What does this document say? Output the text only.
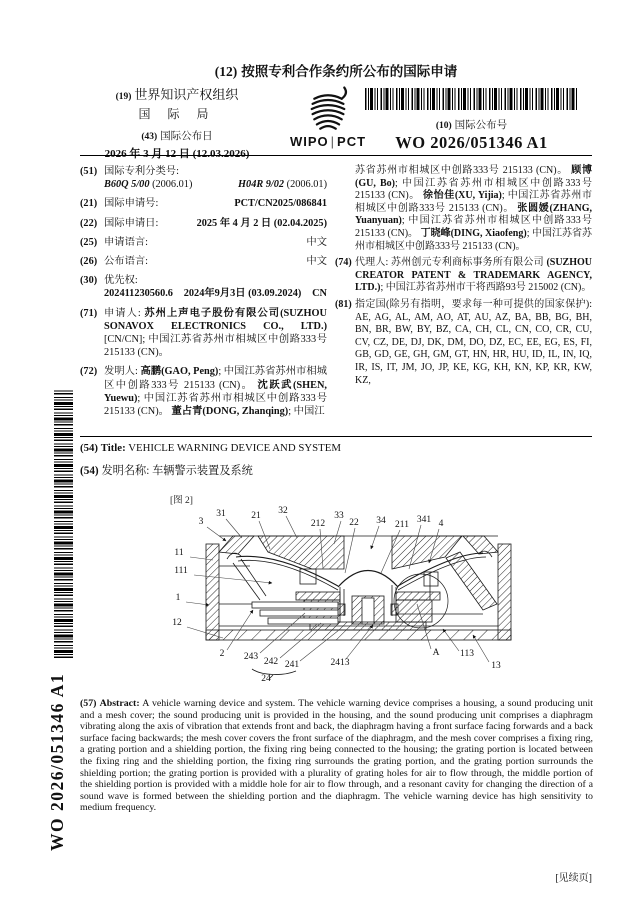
(12) 按照专利合作条约所公布的国际申请
(19) 世界知识产权组织
国 际 局
(43) 国际公布日
2026 年 3 月 12 日 (12.03.2026)
WIPO | PCT
(10) 国际公布号
WO 2026/051346 A1
(51) 国际专利分类号:
B60Q 5/00 (2006.01)	H04R 9/02 (2006.01)
(21) 国际申请号:	PCT/CN2025/086841
(22) 国际申请日:	2025 年 4 月 2 日 (02.04.2025)
(25) 申请语言:	中文
(26) 公布语言:	中文
(30) 优先权:
202411230560.6 2024年9月3日 (03.09.2024) CN
(71) 申请人: 苏州上声电子股份有限公司(SUZHOU SONAVOX ELECTRONICS CO., LTD.) [CN/CN]; 中国江苏省苏州市相城区中创路333号 215133 (CN)。
(72) 发明人: 高鹏(GAO, Peng); 中国江苏省苏州市相城区中创路333号 215133 (CN)。 沈跃武(SHEN, Yuewu); 中国江苏省苏州市相城区中创路333号 215133 (CN)。 董占青(DONG, Zhanqing); 中国江
苏省苏州市相城区中创路333号 215133 (CN)。 顾博(GU, Bo); 中国江苏省苏州市相城区中创路333号 215133 (CN)。 徐怡佳(XU, Yijia); 中国江苏省苏州市相城区中创路333号 215133 (CN)。 张圆媛(ZHANG, Yuanyuan); 中国江苏省苏州市相城区中创路333号 215133 (CN)。 丁晓峰(DING, Xiaofeng); 中国江苏省苏州市相城区中创路333号 215133 (CN)。
(74) 代理人: 苏州创元专利商标事务所有限公司 (SUZHOU CREATOR PATENT & TRADEMARK AGENCY, LTD.); 中国江苏省苏州市干将西路93号 215002 (CN)。
(81) 指定国(除另有指明，要求每一种可提供的国家保护): AE, AG, AL, AM, AO, AT, AU, AZ, BA, BB, BG, BH, BN, BR, BW, BY, BZ, CA, CH, CL, CN, CO, CR, CU, CV, CZ, DE, DJ, DK, DM, DO, DZ, EC, EE, EG, ES, FI, GB, GD, GE, GH, GM, GT, HN, HR, HU, ID, IL, IN, IQ, IR, IS, IT, JM, JO, JP, KE, KG, KH, KN, KP, KR, KW, KZ,
(54) Title: VEHICLE WARNING DEVICE AND SYSTEM
(54) 发明名称: 车辆警示装置及系统
[图 2]
3
31	21 32
212
33
22 34 211 341 4
11
111
1
12
2 243 242 241	2413
24
A 113
13
(57) Abstract: A vehicle warning device and system. The vehicle warning device comprises a housing, a sound producing unit and a mesh cover; the sound producing unit is provided in the housing, and the sound producing unit comprises a diaphragm vibrating along the axis of vibration that extends front and back, the diaphragm having a front surface facing forwards and a back surface facing backwards; the mesh cover covers the front surface of the diaphragm, and the mesh cover comprises a fixing ring, a grating portion and a shielding portion, the fixing ring being connected to the housing; the grating portion is located between the fixing ring and the shielding portion, the fixing ring surrounds the grating portion, and the grating portion surrounds the shielding portion; the grating portion is provided with a plurality of grating holes for air to flow through, the middle portion of the shielding portion is provided with a middle hole for air to flow through, and a resonant cavity for changing the direction of a sound wave is formed between the shielding portion and the diaphragm. The vehicle warning device has high sensitivity to medium frequency.
[见续页]
WO 2026/051346 A1
